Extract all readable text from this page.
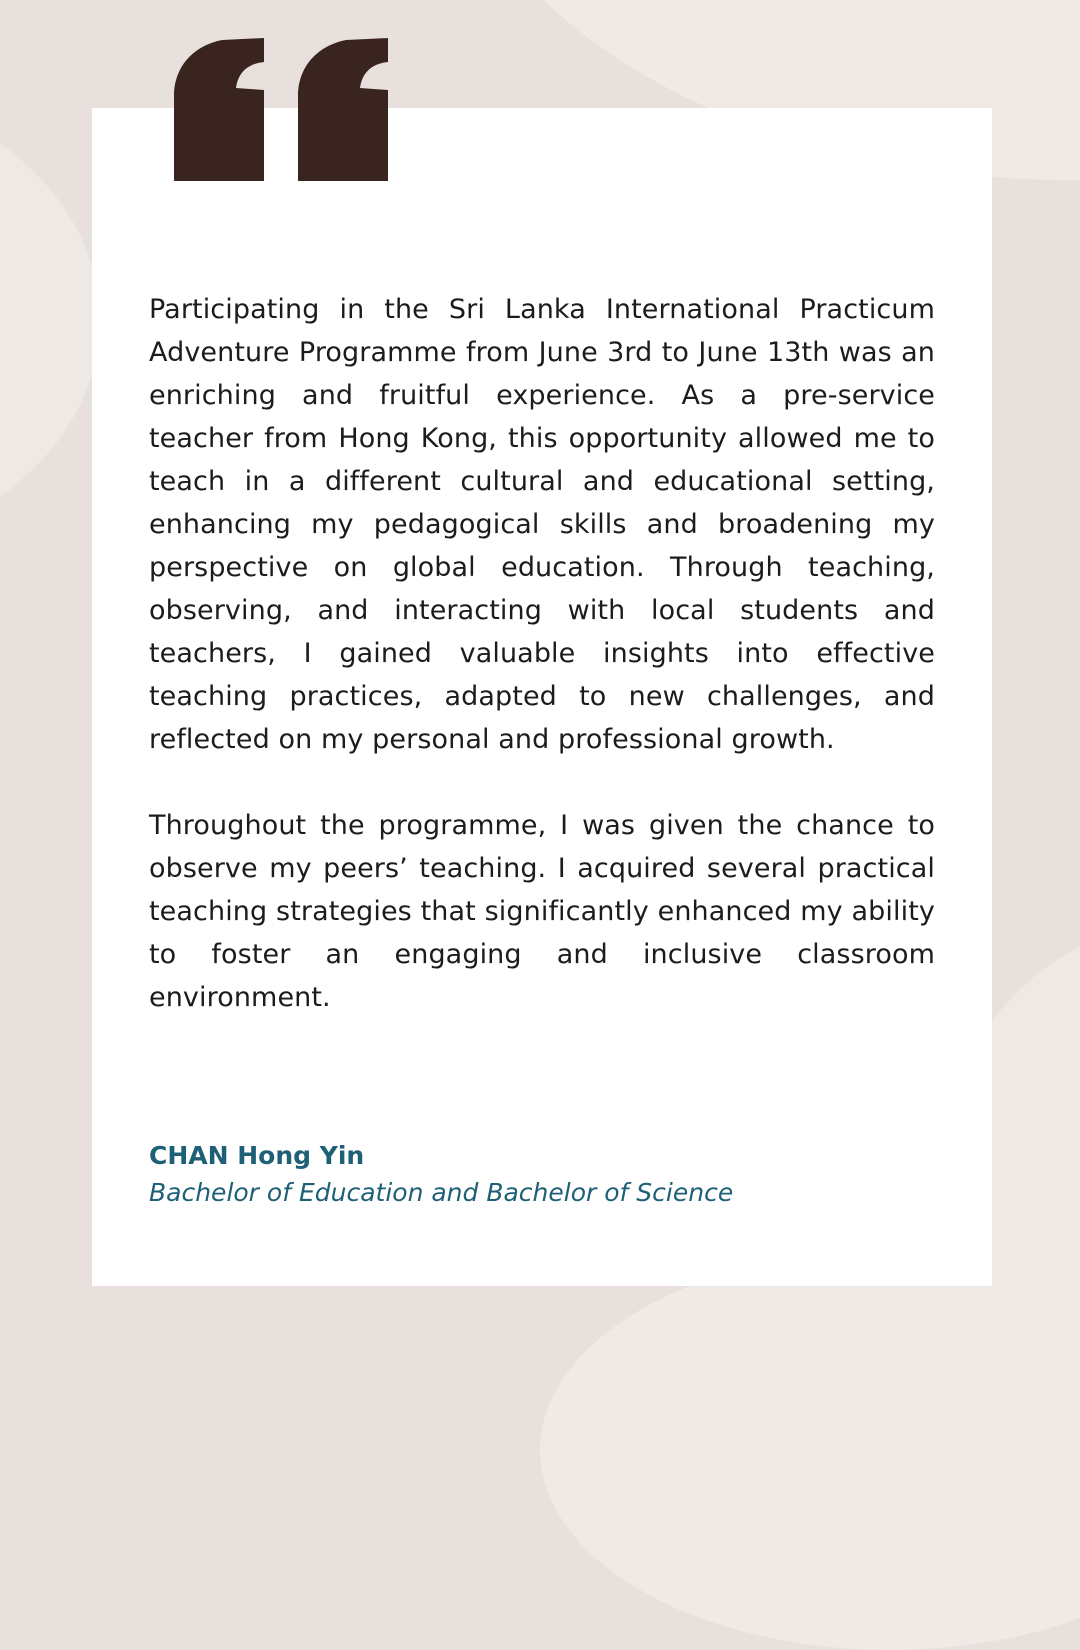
Participating in the Sri Lanka International Practicum Adventure Programme from June 3rd to June 13th was an enriching and fruitful experience. As a pre-service teacher from Hong Kong, this opportunity allowed me to teach in a different cultural and educational setting, enhancing my pedagogical skills and broadening my perspective on global education. Through teaching, observing, and interacting with local students and teachers, I gained valuable insights into effective teaching practices, adapted to new challenges, and reflected on my personal and professional growth.

Throughout the programme, I was given the chance to observe my peers’ teaching. I acquired several practical teaching strategies that significantly enhanced my ability to foster an engaging and inclusive classroom environment.

CHAN Hong Yin
Bachelor of Education and Bachelor of Science
